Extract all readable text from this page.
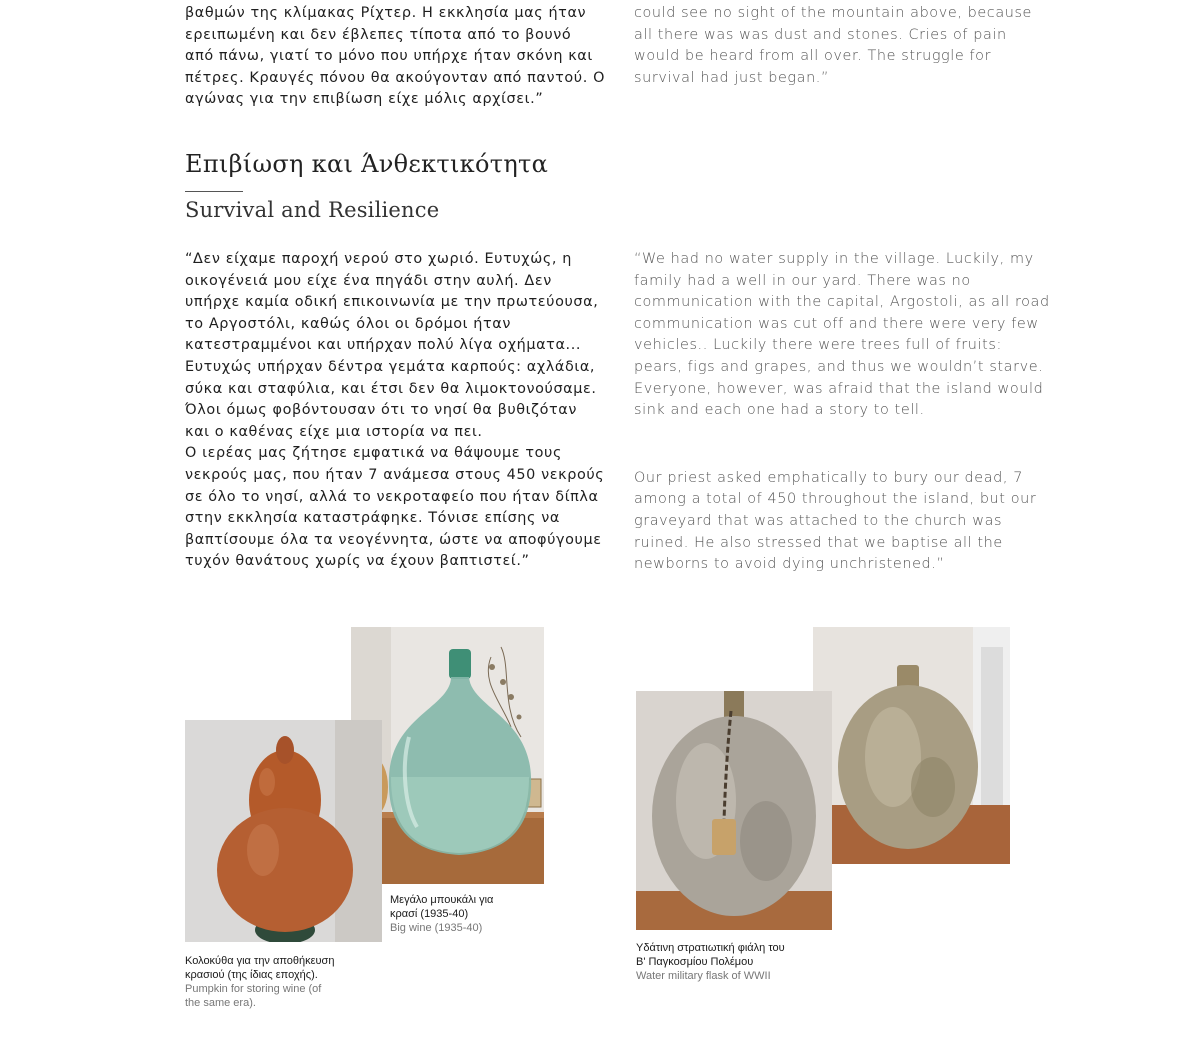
βαθμών της κλίμακας Ρίχτερ. Η εκκλησία μας ήταν ερειπωμένη και δεν έβλεπες τίποτα από το βουνό από πάνω, γιατί το μόνο που υπήρχε ήταν σκόνη και πέτρες. Κραυγές πόνου θα ακούγονταν από παντού. Ο αγώνας για την επιβίωση είχε μόλις αρχίσει.”

could see no sight of the mountain above, because all there was was dust and stones. Cries of pain would be heard from all over. The struggle for survival had just began.”

Επιβίωση και Άνθεκτικότητα
Survival and Resilience

“Δεν είχαμε παροχή νερού στο χωριό. Ευτυχώς, η οικογένειά μου είχε ένα πηγάδι στην αυλή. Δεν υπήρχε καμία οδική επικοινωνία με την πρωτεύουσα, το Αργοστόλι, καθώς όλοι οι δρόμοι ήταν κατεστραμμένοι και υπήρχαν πολύ λίγα οχήματα... Ευτυχώς υπήρχαν δέντρα γεμάτα καρπούς: αχλάδια, σύκα και σταφύλια, και έτσι δεν θα λιμοκτονούσαμε. Όλοι όμως φοβόντουσαν ότι το νησί θα βυθιζόταν και ο καθένας είχε μια ιστορία να πει.

Ο ιερέας μας ζήτησε εμφατικά να θάψουμε τους νεκρούς μας, που ήταν 7 ανάμεσα στους 450 νεκρούς σε όλο το νησί, αλλά το νεκροταφείο που ήταν δίπλα στην εκκλησία καταστράφηκε. Τόνισε επίσης να βαπτίσουμε όλα τα νεογέννητα, ώστε να αποφύγουμε τυχόν θανάτους χωρίς να έχουν βαπτιστεί.”

“We had no water supply in the village. Luckily, my family had a well in our yard. There was no communication with the capital, Argostoli, as all road communication was cut off and there were very few vehicles.. Luckily there were trees full of fruits: pears, figs and grapes, and thus we wouldn’t starve. Everyone, however, was afraid that the island would sink and each one had a story to tell.

Our priest asked emphatically to bury our dead, 7 among a total of 450 throughout the island, but our graveyard that was attached to the church was ruined. He also stressed that we baptise all the newborns to avoid dying unchristened.”

Μεγάλο μπουκάλι για κρασί (1935-40)
Big wine (1935-40)
Κολοκύθα για την αποθήκευση κρασιού (της ίδιας εποχής).
Pumpkin for storing wine (of the same era).
Υδάτινη στρατιωτική φιάλη του Β' Παγκοσμίου Πολέμου
Water military flask of WWII
